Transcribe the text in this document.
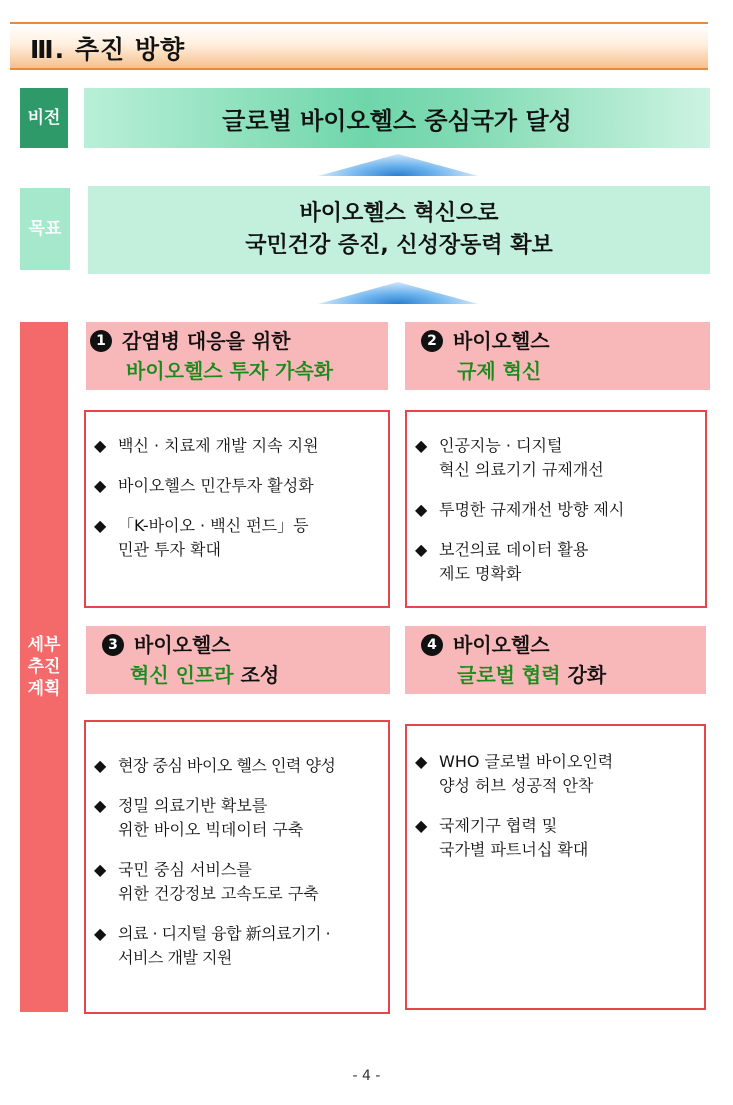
Ⅲ. 추진 방향
비전	글로벌 바이오헬스 중심국가 달성
목표
바이오헬스 혁신으로
국민건강 증진, 신성장동력 확보
세부
추진
계획
1 감염병 대응을 위한
바이오헬스 투자 가속화
2 바이오헬스
규제 혁신
◆ 백신 · 치료제 개발 지속 지원
◆ 바이오헬스 민간투자 활성화
◆ 「K-바이오 · 백신 펀드」등
민관 투자 확대
◆ 인공지능 · 디지털
혁신 의료기기 규제개선
◆ 투명한 규제개선 방향 제시
◆ 보건의료 데이터 활용
제도 명확화
3 바이오헬스
혁신 인프라 조성
4 바이오헬스
글로벌 협력 강화
◆ 현장 중심 바이오 헬스 인력 양성
◆ 정밀 의료기반 확보를
위한 바이오 빅데이터 구축
◆ 국민 중심 서비스를
위한 건강정보 고속도로 구축
◆ 의료 · 디지털 융합 新의료기기 ·
서비스 개발 지원
◆ WHO 글로벌 바이오인력
양성 허브 성공적 안착
◆ 국제기구 협력 및
국가별 파트너십 확대
- 4 -
